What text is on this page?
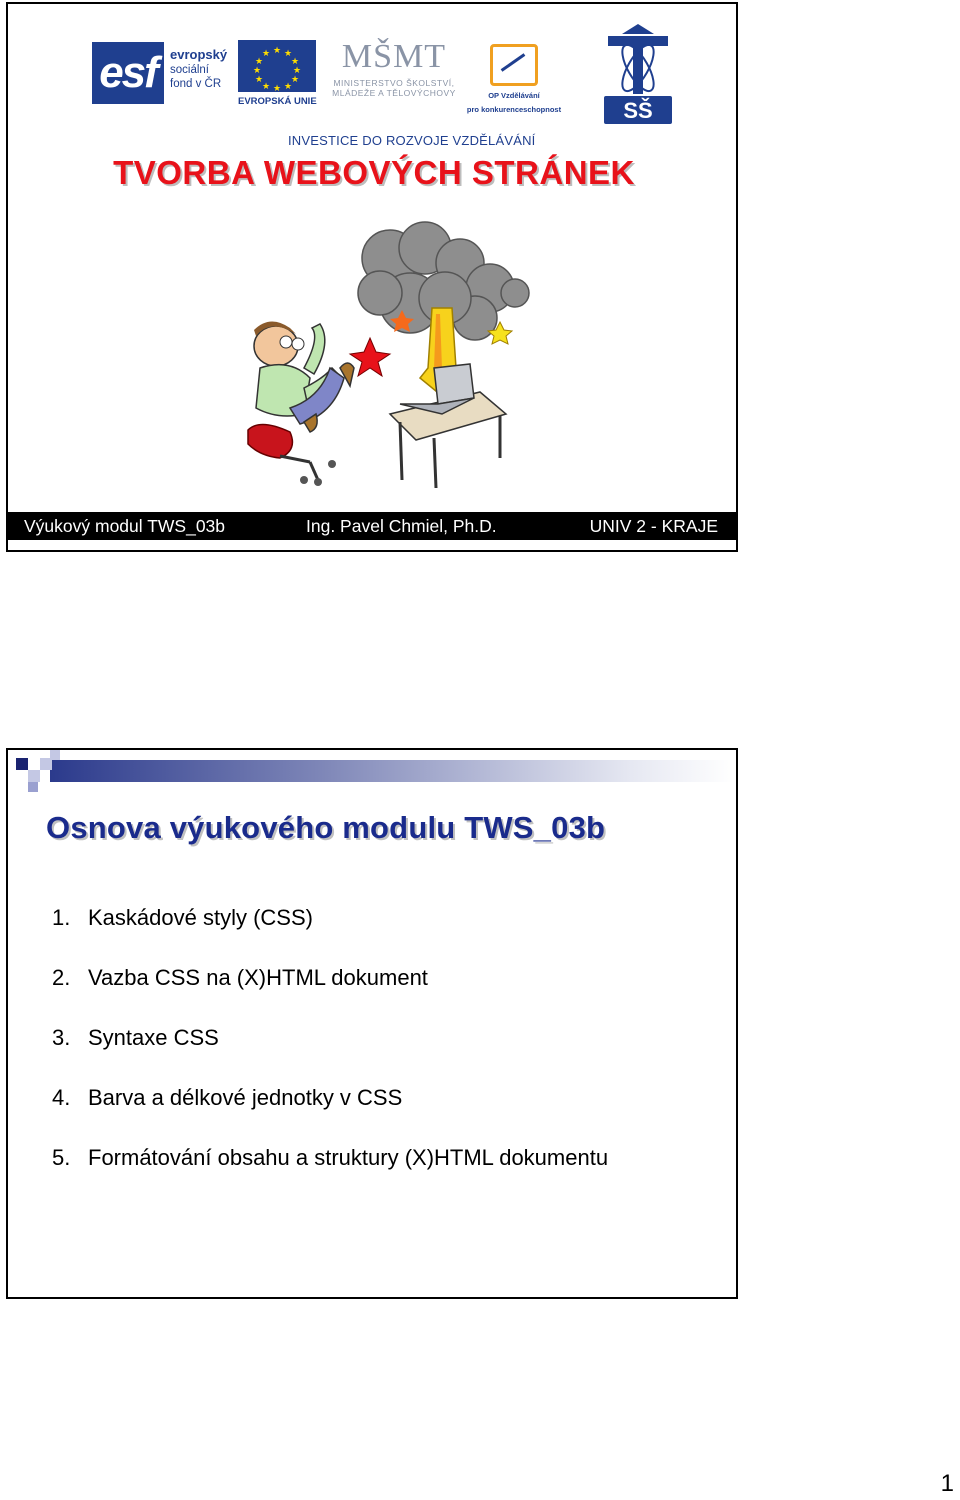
esf	evropský
sociální
fond v ČR
★ ★
★
★
★
★
★
★
★
★
★
★
EVROPSKÁ UNIE
MŠMT
MINISTERSTVO ŠKOLSTVÍ,
MLÁDEŽE A TĚLOVÝCHOVY	OP Vzdělávání
pro konkurenceschopnost	SŠ
INVESTICE DO ROZVOJE VZDĚLÁVÁNÍ
TVORBA WEBOVÝCH STRÁNEK
Výukový modul TWS_03b	Ing. Pavel Chmiel, Ph.D.	UNIV 2 - KRAJE
Osnova výukového modulu TWS_03b
1. Kaskádové styly (CSS)
2. Vazba CSS na (X)HTML dokument
3. Syntaxe CSS
4. Barva a délkové jednotky v CSS
5. Formátování obsahu a struktury (X)HTML dokumentu
1
